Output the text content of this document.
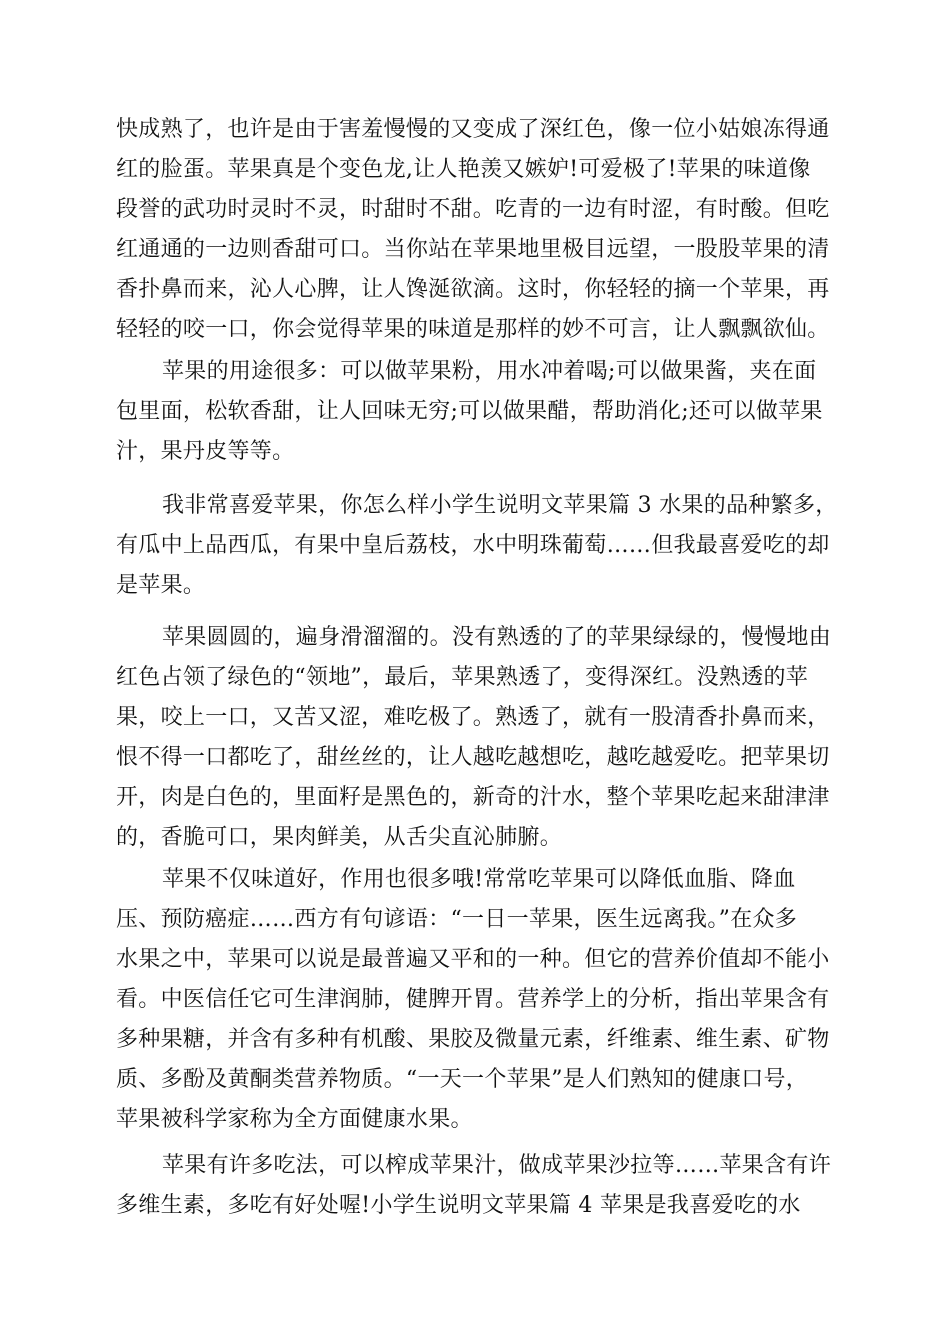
快成熟了，也许是由于害羞慢慢的又变成了深红色，像一位小姑娘冻得通
红的脸蛋。苹果真是个变色龙,让人艳羡又嫉妒!可爱极了!苹果的味道像
段誉的武功时灵时不灵，时甜时不甜。吃青的一边有时涩，有时酸。但吃
红通通的一边则香甜可口。当你站在苹果地里极目远望，一股股苹果的清
香扑鼻而来，沁人心脾，让人馋涎欲滴。这时，你轻轻的摘一个苹果，再
轻轻的咬一口，你会觉得苹果的味道是那样的妙不可言，让人飘飘欲仙。
苹果的用途很多：可以做苹果粉，用水冲着喝;可以做果酱，夹在面
包里面，松软香甜，让人回味无穷;可以做果醋，帮助消化;还可以做苹果
汁，果丹皮等等。
我非常喜爱苹果，你怎么样小学生说明文苹果篇 3 水果的品种繁多，
有瓜中上品西瓜，有果中皇后荔枝，水中明珠葡萄……但我最喜爱吃的却
是苹果。
苹果圆圆的，遍身滑溜溜的。没有熟透的了的苹果绿绿的，慢慢地由
红色占领了绿色的“领地”，最后，苹果熟透了，变得深红。没熟透的苹
果，咬上一口，又苦又涩，难吃极了。熟透了，就有一股清香扑鼻而来，
恨不得一口都吃了，甜丝丝的，让人越吃越想吃，越吃越爱吃。把苹果切
开，肉是白色的，里面籽是黑色的，新奇的汁水，整个苹果吃起来甜津津
的，香脆可口，果肉鲜美，从舌尖直沁肺腑。
苹果不仅味道好，作用也很多哦!常常吃苹果可以降低血脂、降血
压、预防癌症……西方有句谚语：“一日一苹果，医生远离我。”在众多
水果之中，苹果可以说是最普遍又平和的一种。但它的营养价值却不能小
看。中医信任它可生津润肺，健脾开胃。营养学上的分析，指出苹果含有
多种果糖，并含有多种有机酸、果胶及微量元素，纤维素、维生素、矿物
质、多酚及黄酮类营养物质。“一天一个苹果”是人们熟知的健康口号，
苹果被科学家称为全方面健康水果。
苹果有许多吃法，可以榨成苹果汁，做成苹果沙拉等……苹果含有许
多维生素，多吃有好处喔!小学生说明文苹果篇 4 苹果是我喜爱吃的水
